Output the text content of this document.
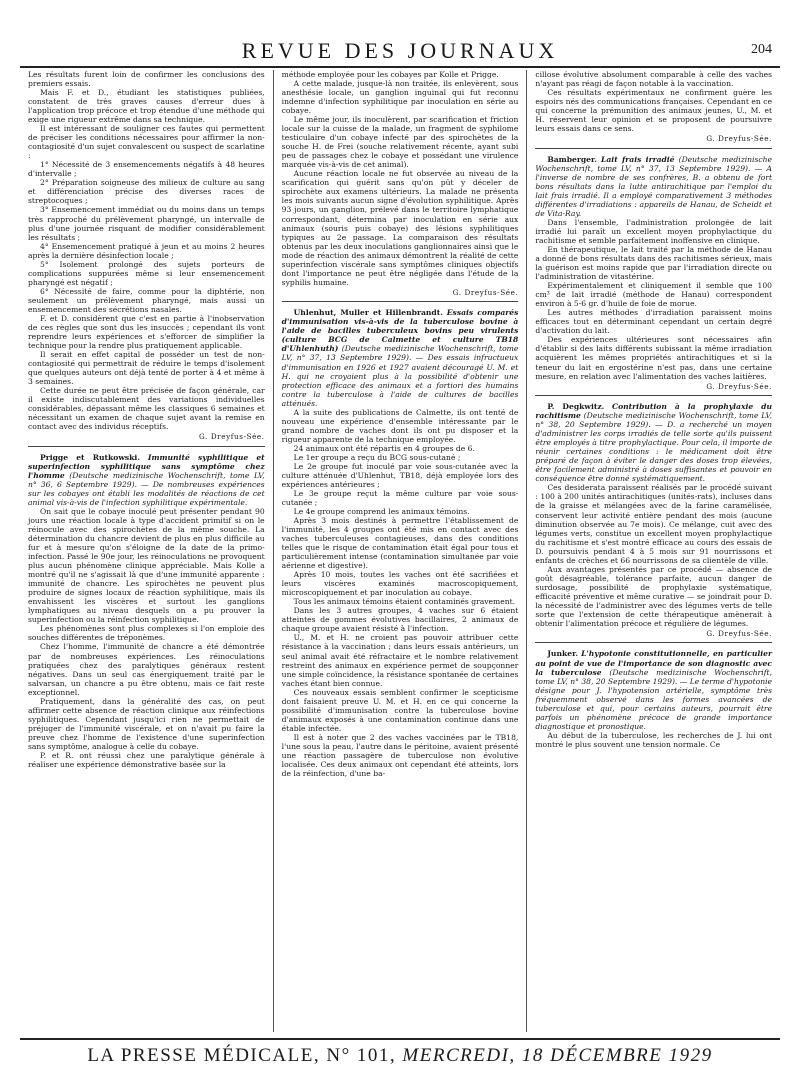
REVUE DES JOURNAUX	204

Les résultats furent loin de confirmer les conclusions des premiers essais.

Mais F. et D., étudiant les statistiques publiées, constatent de très graves causes d'erreur dues à l'application trop précoce et trop étendue d'une méthode qui exige une rigueur extrême dans sa technique.

Il est intéressant de souligner ces fautes qui permettent de préciser les conditions nécessaires pour affirmer la non-contagiosité d'un sujet convalescent ou suspect de scarlatine :

1° Nécessité de 3 ensemencements négatifs à 48 heures d'intervalle ;

2° Préparation soigneuse des milieux de culture au sang et différenciation précise des diverses races de streptocoques ;

3° Ensemencement immédiat ou du moins dans un temps très rapproché du prélèvement pharyngé, un intervalle de plus d'une journée risquant de modifier considérablement les résultats ;

4° Ensemencement pratiqué à jeun et au moins 2 heures après la dernière désinfection locale ;

5° Isolement prolongé des sujets porteurs de complications suppurées même si leur ensemencement pharyngé est négatif ;

6° Nécessité de faire, comme pour la diphtérie, non seulement un prélèvement pharyngé, mais aussi un ensemencement des sécrétions nasales.

F. et D. considèrent que c'est en partie à l'inobservation de ces règles que sont dus les insuccès ; cependant ils vont reprendre leurs expériences et s'efforcer de simplifier la technique pour la rendre plus pratiquement applicable.

Il serait en effet capital de posséder un test de non-contagiosité qui permettrait de réduire le temps d'isolement que quelques auteurs ont déjà tenté de porter à 4 et même à 3 semaines.

Cette durée ne peut être précisée de façon générale, car il existe indiscutablement des variations individuelles considérables, dépassant même les classiques 6 semaines et nécessitant un examen de chaque sujet avant la remise en contact avec des individus réceptifs.

G. Dreyfus-Sée.

Prigge et Rutkowski. Immunité syphilitique et superinfection syphilitique sans symptôme chez l'homme (Deutsche medizinische Wochenschrift, tome LV, n° 36, 6 Septembre 1929). — De nombreuses expériences sur les cobayes ont établi les modalités de réactions de cet animal vis-à-vis de l'infection syphilitique expérimentale.

On sait que le cobaye inoculé peut présenter pendant 90 jours une réaction locale à type d'accident primitif si on le réinocule avec des spirochètes de la même souche. La détermination du chancre devient de plus en plus difficile au fur et à mesure qu'on s'éloigne de la date de la primo-infection. Passé le 90e jour, les réinoculations ne provoquent plus aucun phénomène clinique appréciable. Mais Kolle a montré qu'il ne s'agissait là que d'une immunité apparente : immunité de chancre. Les spirochètes ne peuvent plus produire de signes locaux de réaction syphilitique, mais ils envahissent les viscères et surtout les ganglions lymphatiques au niveau desquels on a pu prouver la superinfection ou la réinfection syphilitique.

Les phénomènes sont plus complexes si l'on emploie des souches différentes de tréponèmes.

Chez l'homme, l'immunité de chancre a été démontrée par de nombreuses expériences. Les réinoculations pratiquées chez des paralytiques généraux restent négatives. Dans un seul cas énergiquement traité par le salvarsan, un chancre a pu être obtenu, mais ce fait reste exceptionnel.

Pratiquement, dans la généralité des cas, on peut affirmer cette absence de réaction clinique aux réinfections syphilitiques. Cependant jusqu'ici rien ne permettait de préjuger de l'immunité viscérale, et on n'avait pu faire la preuve chez l'homme de l'existence d'une superinfection sans symptôme, analogue à celle du cobaye.

P. et R. ont réussi chez une paralytique générale à réaliser une expérience démonstrative basée sur la

méthode employée pour les cobayes par Kolle et Prigge.

A cette malade, jusque-là non traitée, ils enlevèrent, sous anesthésie locale, un ganglion inguinal qui fut reconnu indemne d'infection syphilitique par inoculation en série au cobaye.

Le même jour, ils inoculèrent, par scarification et friction locale sur la cuisse de la malade, un fragment de syphilome testiculaire d'un cobaye infecté par des spirochètes de la souche H. de Frei (souche relativement récente, ayant subi peu de passages chez le cobaye et possédant une virulence marquée vis-à-vis de cet animal).

Aucune réaction locale ne fut observée au niveau de la scarification qui guérit sans qu'on pût y déceler de spirochète aux examens ultérieurs. La malade ne présenta les mois suivants aucun signe d'évolution syphilitique. Après 93 jours, un ganglion, prélevé dans le territoire lymphatique correspondant, détermina par inoculation en série aux animaux (souris puis cobaye) des lésions syphilitiques typiques au 2e passage. La comparaison des résultats obtenus par les deux inoculations ganglionnaires ainsi que le mode de réaction des animaux démontrent la réalité de cette superinfection viscérale sans symptômes cliniques objectifs dont l'importance ne peut être négligée dans l'étude de la syphilis humaine.

G. Dreyfus-Sée.

Uhlenhut, Muller et Hillenbrandt. Essais comparés d'immunisation vis-à-vis de la tuberculose bovine à l'aide de bacilles tuberculeux bovins peu virulents (culture BCG de Calmette et culture TB18 d'Uhlenhuth) (Deutsche medizinische Wochenschrift, tome LV, n° 37, 13 Septembre 1929). — Des essais infructueux d'immunisation en 1926 et 1927 avaient découragé U. M. et H. qui ne croyaient plus à la possibilité d'obtenir une protection efficace des animaux et a fortiori des humains contre la tuberculose à l'aide de cultures de bacilles atténués.

A la suite des publications de Calmette, ils ont tenté de nouveau une expérience d'ensemble intéressante par le grand nombre de vaches dont ils ont pu disposer et la rigueur apparente de la technique employée.

24 animaux ont été répartis en 4 groupes de 6.

Le 1er groupe a reçu du BCG sous-cutané ;

Le 2e groupe fut inoculé par voie sous-cutanée avec la culture atténuée d'Uhlenhut, TB18, déjà employée lors des expériences antérieures ;

Le 3e groupe reçut la même culture par voie sous-cutanée ;

Le 4e groupe comprend les animaux témoins.

Après 3 mois destinés à permettre l'établissement de l'immunité, les 4 groupes ont été mis en contact avec des vaches tuberculeuses contagieuses, dans des conditions telles que le risque de contamination était égal pour tous et particulièrement intense (contamination simultanée par voie aérienne et digestive).

Après 10 mois, toutes les vaches ont été sacrifiées et leurs viscères examinés macroscopiquement, microscopiquement et par inoculation au cobaye.

Tous les animaux témoins étaient contaminés gravement.

Dans les 3 autres groupes, 4 vaches sur 6 étaient atteintes de gommes évolutives bacillaires, 2 animaux de chaque groupe avaient résisté à l'infection.

U., M. et H. ne croient pas pouvoir attribuer cette résistance à la vaccination ; dans leurs essais antérieurs, un seul animal avait été réfractaire et le nombre relativement restreint des animaux en expérience permet de soupçonner une simple coïncidence, la résistance spontanée de certaines vaches étant bien connue.

Ces nouveaux essais semblent confirmer le scepticisme dont faisaient preuve U. M. et H. en ce qui concerne la possibilité d'immunisation contre la tuberculose bovine d'animaux exposés à une contamination continue dans une étable infectée.

Il est à noter que 2 des vaches vaccinées par le TB18, l'une sous la peau, l'autre dans le péritoine, avaient présenté une réaction passagère de tuberculose non évolutive localisée. Ces deux animaux ont cependant été atteints, lors de la réinfection, d'une ba-

cillose évolutive absolument comparable à celle des vaches n'ayant pas réagi de façon notable à la vaccination.

Ces résultats expérimentaux ne confirment guère les espoirs nés des communications françaises. Cependant en ce qui concerne la prémunition des animaux jeunes, U., M. et H. réservent leur opinion et se proposent de poursuivre leurs essais dans ce sens.

G. Dreyfus-Sée.

Bamberger. Lait frais irradié (Deutsche medizinische Wochenschrift, tome LV, n° 37, 13 Septembre 1929). — A l'inverse de nombre de ses confrères, B. a obtenu de fort bons résultats dans la lutte antirachitique par l'emploi du lait frais irradié. Il a employé comparativement 3 méthodes différentes d'irradiations : appareils de Hanau, de Scheidt et de Vita-Ray.

Dans l'ensemble, l'administration prolongée de lait irradié lui paraît un excellent moyen prophylactique du rachitisme et semble parfaitement inoffensive en clinique.

En thérapeutique, le lait traité par la méthode de Hanau a donné de bons résultats dans des rachitismes sérieux, mais la guérison est moins rapide que par l'irradiation directe ou l'administration de vitastérine.

Expérimentalement et cliniquement il semble que 100 cm³ de lait irradié (méthode de Hanau) correspondent environ à 5-6 gr. d'huile de foie de morue.

Les autres méthodes d'irradiation paraissent moins efficaces tout en déterminant cependant un certain degré d'activation du lait.

Des expériences ultérieures sont nécessaires afin d'établir si des laits différents subissant la même irradiation acquièrent les mêmes propriétés antirachitiques et si la teneur du lait en ergostérine n'est pas, dans une certaine mesure, en relation avec l'alimentation des vaches laitières.

G. Dreyfus-Sée.

P. Degkwitz. Contribution à la prophylaxie du rachitisme (Deutsche medizinische Wochenschrift, tome LV, n° 38, 20 Septembre 1929). — D. a recherché un moyen d'administrer les corps irradiés de telle sorte qu'ils puissent être employés à titre prophylactique. Pour cela, il importe de réunir certaines conditions : le médicament doit être préparé de façon à éviter le danger des doses trop élevées, être facilement administré à doses suffisantes et pouvoir en conséquence être donné systématiquement.

Ces desiderata paraissent réalisés par le procédé suivant : 100 à 200 unités antirachitiques (unités-rats), incluses dans de la graisse et mélangées avec de la farine caramélisée, conservent leur activité entière pendant des mois (aucune diminution observée au 7e mois). Ce mélange, cuit avec des légumes verts, constitue un excellent moyen prophylactique du rachitisme et s'est montré efficace au cours des essais de D. poursuivis pendant 4 à 5 mois sur 91 nourrissons et enfants de crèches et 66 nourrissons de sa clientèle de ville.

Aux avantages présentés par ce procédé — absence de goût désagréable, tolérance parfaite, aucun danger de surdosage, possibilité de prophylaxie systématique, efficacité préventive et même curative — se joindrait pour D. la nécessité de l'administrer avec des légumes verts de telle sorte que l'extension de cette thérapeutique amènerait à obtenir l'alimentation précoce et régulière de légumes.

G. Dreyfus-Sée.

Junker. L'hypotonie constitutionnelle, en particulier au point de vue de l'importance de son diagnostic avec la tuberculose (Deutsche medizinische Wochenschrift, tome LV, n° 38, 20 Septembre 1929). — Le terme d'hypotonie désigne pour J. l'hypotension artérielle, symptôme très fréquemment observé dans les formes avancées de tuberculose et qui, pour certains auteurs, pourrait être parfois un phénomène précoce de grande importance diagnostique et pronostique.

Au début de la tuberculose, les recherches de J. lui ont montré le plus souvent une tension normale. Ce

LA PRESSE MÉDICALE, N° 101, MERCREDI, 18 DÉCEMBRE 1929
